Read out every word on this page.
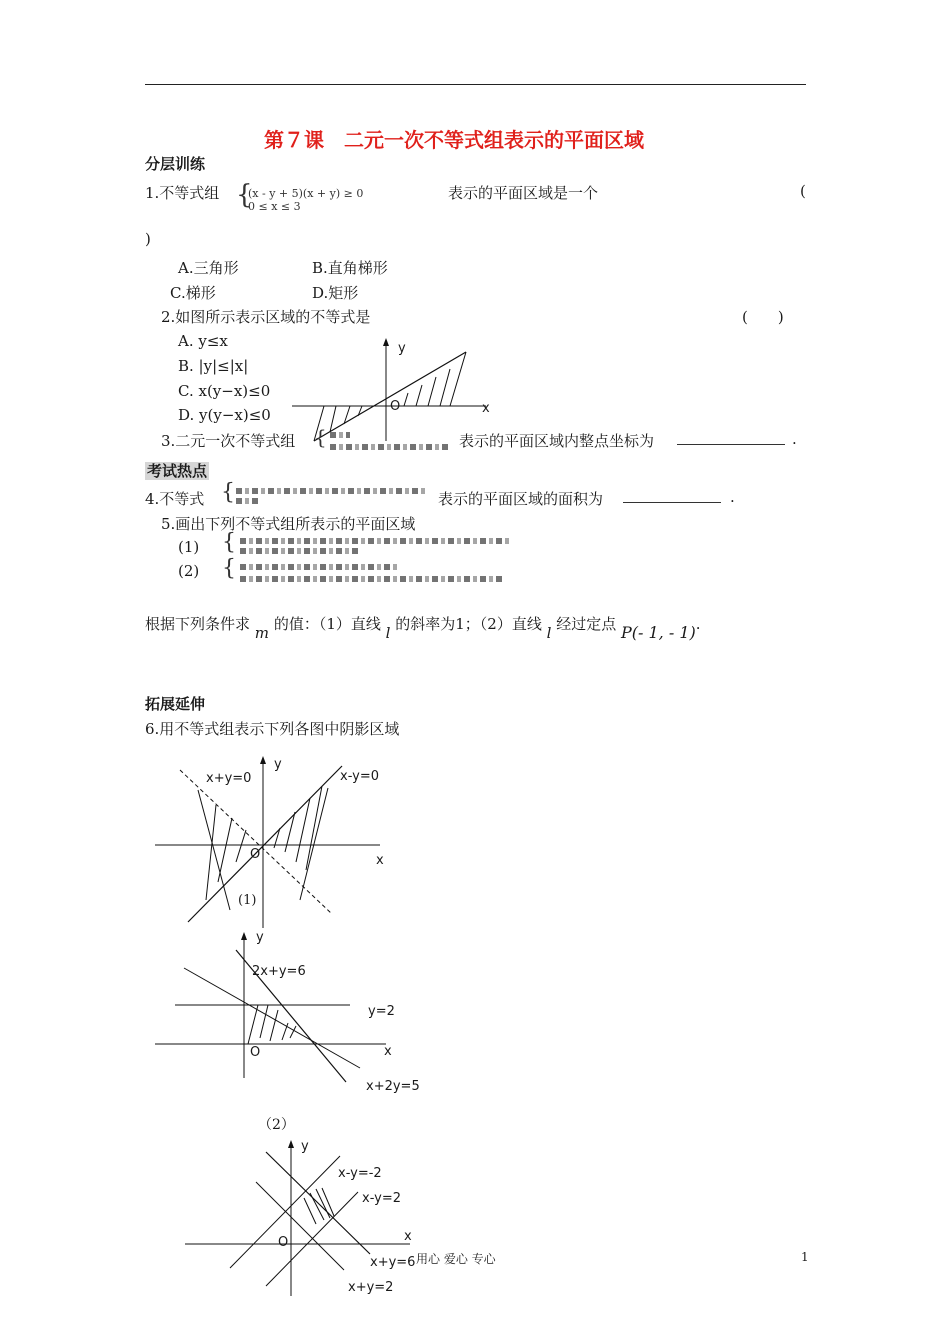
第７课　二元一次不等式组表示的平面区域
分层训练
1.不等式组 {
(x - y + 5)(x + y) ≥ 0
0 ≤ x ≤ 3
表示的平面区域是一个	(
)
A.三角形	B.直角梯形
C.梯形	D.矩形
2.如图所示表示区域的不等式是	(　　)
A. y≤x
B. |y|≤|x|
C. x(y−x)≤0
D. y(y−x)≤0
y
x
O
3.二元一次不等式组 {	表示的平面区域内整点坐标为	.
考试热点
4.不等式 {	表示的平面区域的面积为	.
5.画出下列不等式组所表示的平面区域
(1) {
(2) {
根据下列条件求 m 的值：（1）直线 l 的斜率为1；（2）直线 l 经过定点 P(- 1, - 1).
拓展延伸
6.用不等式组表示下列各图中阴影区域
y
x
O
x+y=0	x-y=0
(1)
y
x
O
2x+y=6
y=2
x+2y=5
（2）
y
x
O
x-y=-2
x-y=2
x+y=6
x+y=2
用心 爱心 专心	1
